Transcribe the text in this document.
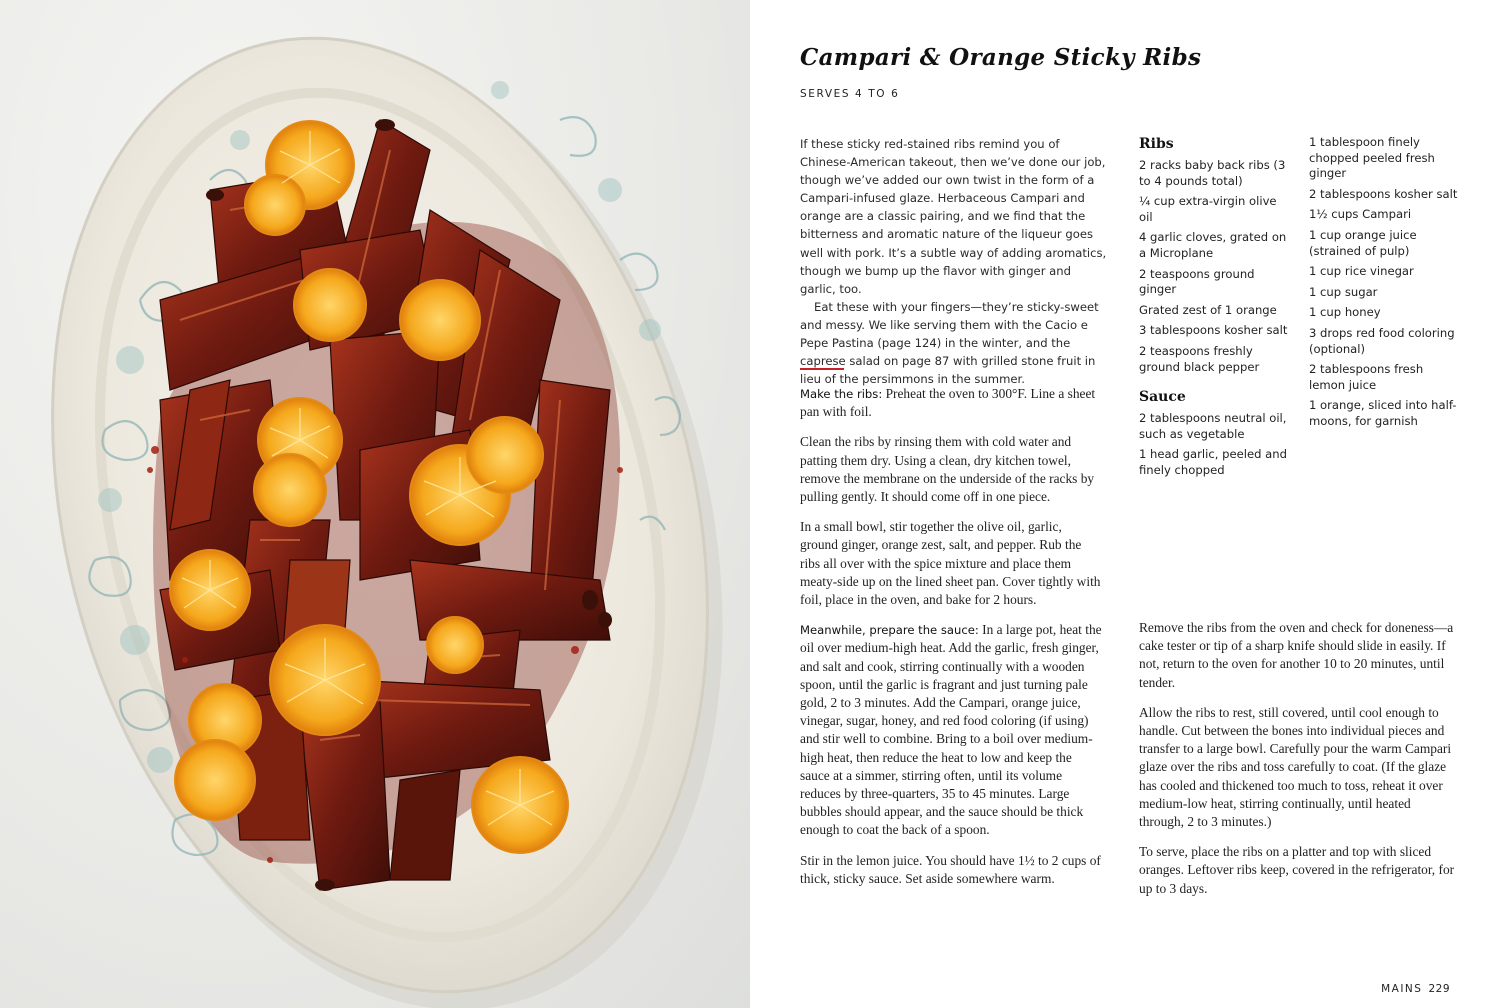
Campari & Orange Sticky Ribs
SERVES 4 TO 6

If these sticky red-stained ribs remind you of Chinese-American takeout, then we’ve done our job, though we’ve added our own twist in the form of a Campari-infused glaze. Herbaceous Campari and orange are a classic pairing, and we find that the bitterness and aromatic nature of the liqueur goes well with pork. It’s a subtle way of adding aromatics, though we bump up the flavor with ginger and garlic, too.

Eat these with your fingers—they’re sticky-sweet and messy. We like serving them with the Cacio e Pepe Pastina (page 124) in the winter, and the caprese salad on page 87 with grilled stone fruit in lieu of the persimmons in the summer.

Make the ribs: Preheat the oven to 300°F. Line a sheet pan with foil.

Clean the ribs by rinsing them with cold water and patting them dry. Using a clean, dry kitchen towel, remove the membrane on the underside of the racks by pulling gently. It should come off in one piece.

In a small bowl, stir together the olive oil, garlic, ground ginger, orange zest, salt, and pepper. Rub the ribs all over with the spice mixture and place them meaty-side up on the lined sheet pan. Cover tightly with foil, place in the oven, and bake for 2 hours.

Meanwhile, prepare the sauce: In a large pot, heat the oil over medium-high heat. Add the garlic, fresh ginger, and salt and cook, stirring continually with a wooden spoon, until the garlic is fragrant and just turning pale gold, 2 to 3 minutes. Add the Campari, orange juice, vinegar, sugar, honey, and red food coloring (if using) and stir well to combine. Bring to a boil over medium-high heat, then reduce the heat to low and keep the sauce at a simmer, stirring often, until its volume reduces by three-quarters, 35 to 45 minutes. Large bubbles should appear, and the sauce should be thick enough to coat the back of a spoon.

Stir in the lemon juice. You should have 1½ to 2 cups of thick, sticky sauce. Set aside somewhere warm.

Ribs
2 racks baby back ribs (3 to 4 pounds total)
¼ cup extra-virgin olive oil
4 garlic cloves, grated on a Microplane
2 teaspoons ground ginger
Grated zest of 1 orange
3 tablespoons kosher salt
2 teaspoons freshly ground black pepper
Sauce
2 tablespoons neutral oil, such as vegetable
1 head garlic, peeled and finely chopped
1 tablespoon finely chopped peeled fresh ginger
2 tablespoons kosher salt
1½ cups Campari
1 cup orange juice (strained of pulp)
1 cup rice vinegar
1 cup sugar
1 cup honey
3 drops red food coloring (optional)
2 tablespoons fresh lemon juice
1 orange, sliced into half-moons, for garnish

Remove the ribs from the oven and check for doneness—a cake tester or tip of a sharp knife should slide in easily. If not, return to the oven for another 10 to 20 minutes, until tender.

Allow the ribs to rest, still covered, until cool enough to handle. Cut between the bones into individual pieces and transfer to a large bowl. Carefully pour the warm Campari glaze over the ribs and toss carefully to coat. (If the glaze has cooled and thickened too much to toss, reheat it over medium-low heat, stirring continually, until heated through, 2 to 3 minutes.)

To serve, place the ribs on a platter and top with sliced oranges. Leftover ribs keep, covered in the refrigerator, for up to 3 days.

MAINS 229
